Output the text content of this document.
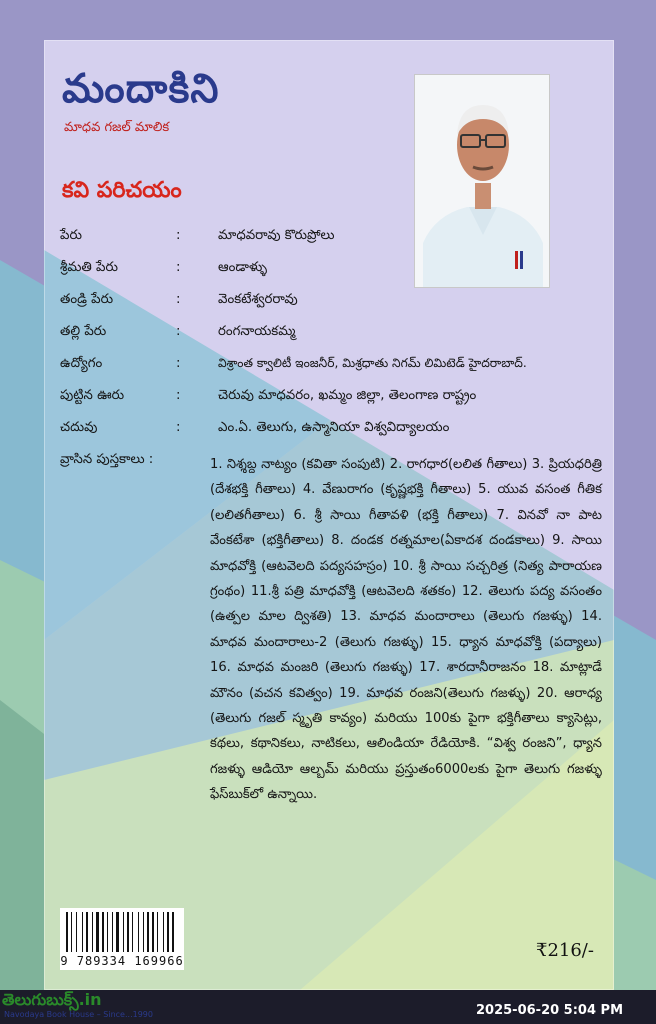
మందాకిని
మాధవ గజల్ మాలిక
కవి పరిచయం
పేరు	:	మాధవరావు కొరుప్రోలు
శ్రీమతి పేరు	:	ఆండాళ్ళు
తండ్రి పేరు	:	వెంకటేశ్వరరావు
తల్లి పేరు	:	రంగనాయకమ్మ
ఉద్యోగం	:	విశ్రాంత క్వాలిటీ ఇంజనీర్, మిశ్రధాతు నిగమ్ లిమిటెడ్ హైదరాబాద్.
పుట్టిన ఊరు	:	చెరువు మాధవరం, ఖమ్మం జిల్లా, తెలంగాణ రాష్ట్రం
చదువు	:	ఎం.ఏ. తెలుగు, ఉస్మానియా విశ్వవిద్యాలయం
వ్రాసిన పుస్తకాలు :	1. నిశ్శబ్ద నాట్యం (కవితా సంపుటి) 2. రాగధార(లలిత గీతాలు) 3. ప్రియధరిత్రి (దేశభక్తి గీతాలు) 4. వేణురాగం (కృష్ణభక్తి గీతాలు) 5. యువ వసంత గీతిక (లలితగీతాలు) 6. శ్రీ సాయి గీతావళి (భక్తి గీతాలు) 7. వినవో నా పాట వేంకటేశా (భక్తిగీతాలు) 8. దండక రత్నమాల(ఏకాదశ దండకాలు) 9. సాయి మాధవోక్తి (ఆటవెలది పద్యసహస్రం) 10. శ్రీ సాయి సచ్చరిత్ర (నిత్య పారాయణ గ్రంథం) 11.శ్రీ పత్రి మాధవోక్తి (ఆటవెలది శతకం) 12. తెలుగు పద్య వసంతం (ఉత్పల మాల ద్విశతి) 13. మాధవ మందారాలు (తెలుగు గజళ్ళు) 14. మాధవ మందారాలు-2 (తెలుగు గజళ్ళు) 15. ధ్యాన మాధవోక్తి (పద్యాలు) 16. మాధవ మంజరి (తెలుగు గజళ్ళు) 17. శారదానీరాజనం 18. మాట్లాడే మౌనం (వచన కవిత్వం) 19. మాధవ రంజని(తెలుగు గజళ్ళు) 20. ఆరాధ్య (తెలుగు గజల్ స్మృతి కావ్యం) మరియు 100కు పైగా భక్తిగీతాలు క్యాసెట్లు, కథలు, కథానికలు, నాటికలు, ఆలిండియా రేడియోకి. “విశ్వ రంజని”, ధ్యాన గజళ్ళు ఆడియో ఆల్బమ్ మరియు ప్రస్తుతం6000లకు పైగా తెలుగు గజళ్ళు ఫేస్‌బుక్‌లో ఉన్నాయి.
9 789334 169966	₹216/-
తెలుగుబుక్స్.in
Navodaya Book House – Since...1990	2025-06-20 5:04 PM
